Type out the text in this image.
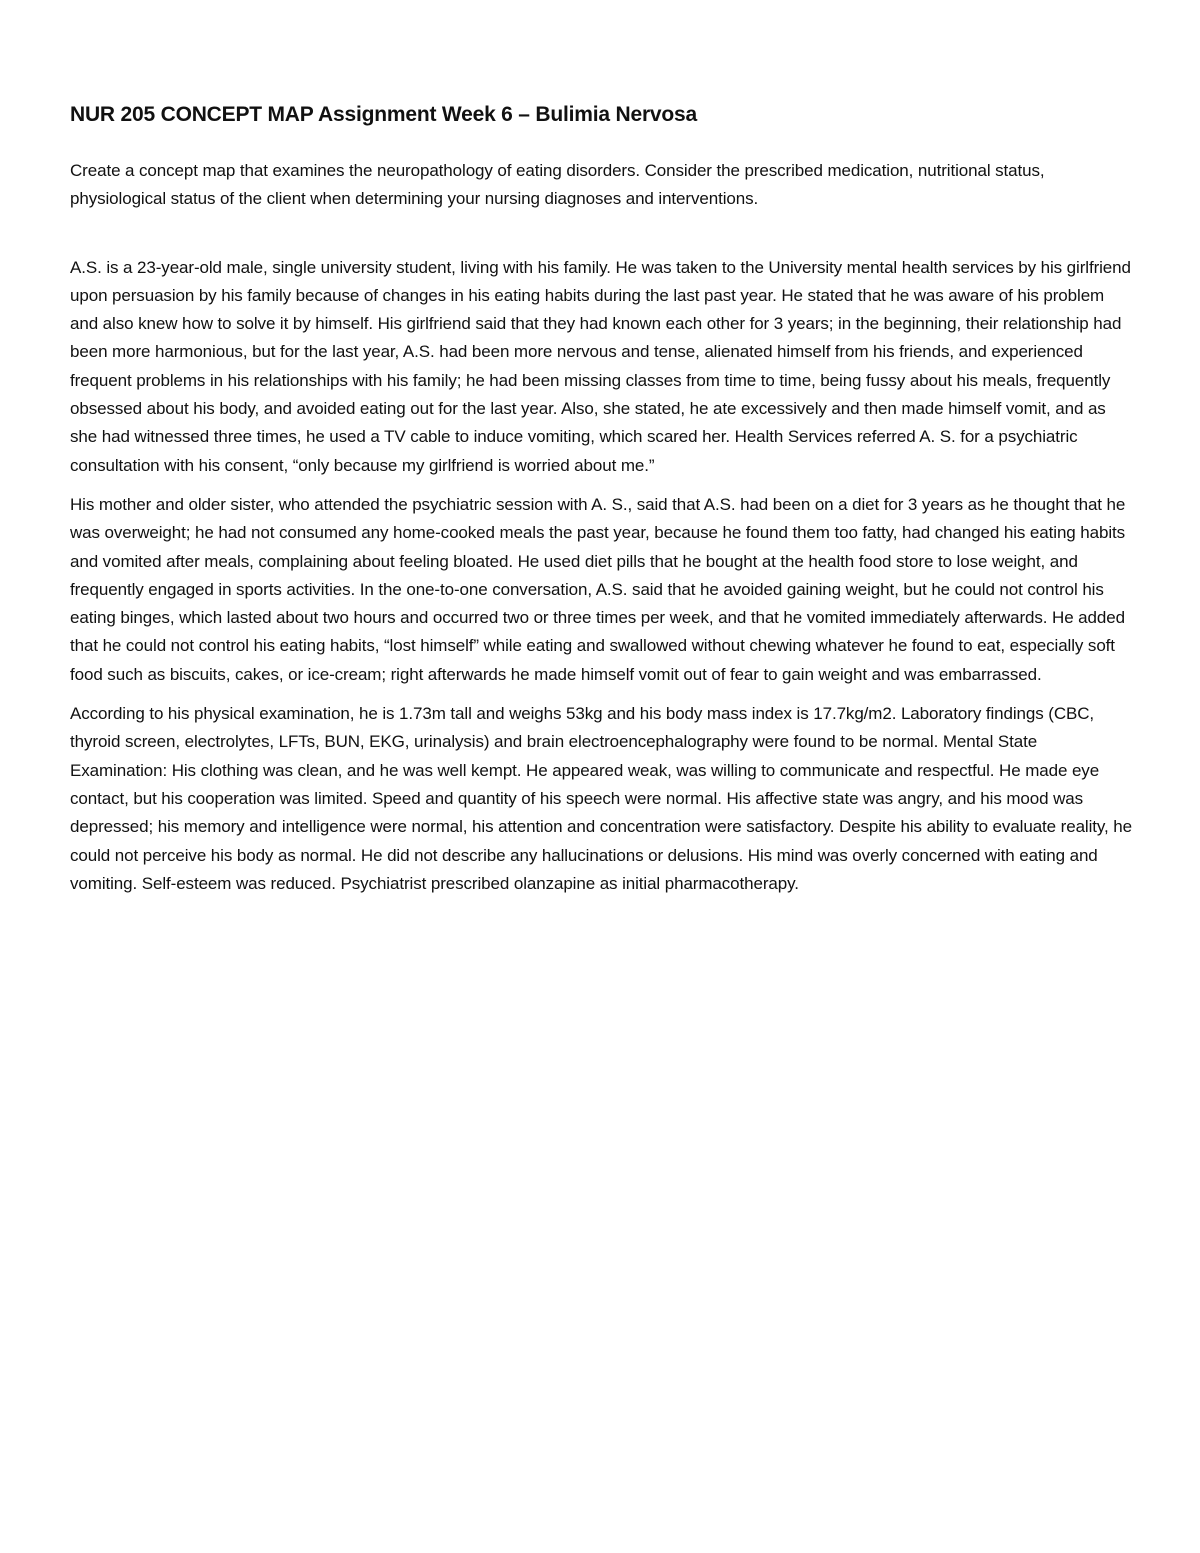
NUR 205 CONCEPT MAP Assignment Week 6 – Bulimia Nervosa

Create a concept map that examines the neuropathology of eating disorders. Consider the prescribed medication, nutritional status, physiological status of the client when determining your nursing diagnoses and interventions.

A.S. is a 23-year-old male, single university student, living with his family. He was taken to the University mental health services by his girlfriend upon persuasion by his family because of changes in his eating habits during the last past year. He stated that he was aware of his problem and also knew how to solve it by himself. His girlfriend said that they had known each other for 3 years; in the beginning, their relationship had been more harmonious, but for the last year, A.S. had been more nervous and tense, alienated himself from his friends, and experienced frequent problems in his relationships with his family; he had been missing classes from time to time, being fussy about his meals, frequently obsessed about his body, and avoided eating out for the last year. Also, she stated, he ate excessively and then made himself vomit, and as she had witnessed three times, he used a TV cable to induce vomiting, which scared her. Health Services referred A. S. for a psychiatric consultation with his consent, “only because my girlfriend is worried about me.”

His mother and older sister, who attended the psychiatric session with A. S., said that A.S. had been on a diet for 3 years as he thought that he was overweight; he had not consumed any home-cooked meals the past year, because he found them too fatty, had changed his eating habits and vomited after meals, complaining about feeling bloated. He used diet pills that he bought at the health food store to lose weight, and frequently engaged in sports activities. In the one-to-one conversation, A.S. said that he avoided gaining weight, but he could not control his eating binges, which lasted about two hours and occurred two or three times per week, and that he vomited immediately afterwards. He added that he could not control his eating habits, “lost himself” while eating and swallowed without chewing whatever he found to eat, especially soft food such as biscuits, cakes, or ice-cream; right afterwards he made himself vomit out of fear to gain weight and was embarrassed.

According to his physical examination, he is 1.73m tall and weighs 53kg and his body mass index is 17.7kg/m2. Laboratory findings (CBC, thyroid screen, electrolytes, LFTs, BUN, EKG, urinalysis) and brain electroencephalography were found to be normal. Mental State Examination: His clothing was clean, and he was well kempt. He appeared weak, was willing to communicate and respectful. He made eye contact, but his cooperation was limited. Speed and quantity of his speech were normal. His affective state was angry, and his mood was depressed; his memory and intelligence were normal, his attention and concentration were satisfactory. Despite his ability to evaluate reality, he could not perceive his body as normal. He did not describe any hallucinations or delusions. His mind was overly concerned with eating and vomiting. Self-esteem was reduced. Psychiatrist prescribed olanzapine as initial pharmacotherapy.
